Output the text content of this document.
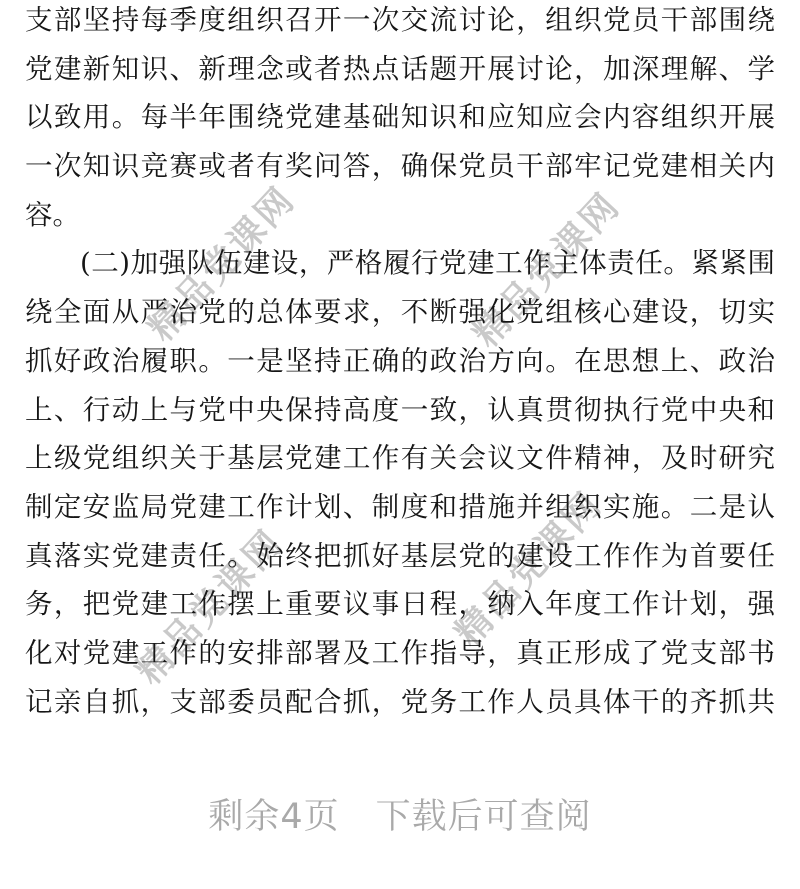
精品党课网	精品党课网
精品党课网	精品党课网
支部坚持每季度组织召开一次交流讨论，组织党员干部围绕
党建新知识、新理念或者热点话题开展讨论，加深理解、学
以致用。每半年围绕党建基础知识和应知应会内容组织开展
一次知识竞赛或者有奖问答，确保党员干部牢记党建相关内
容。
(二)加强队伍建设，严格履行党建工作主体责任。紧紧围
绕全面从严治党的总体要求，不断强化党组核心建设，切实
抓好政治履职。一是坚持正确的政治方向。在思想上、政治
上、行动上与党中央保持高度一致，认真贯彻执行党中央和
上级党组织关于基层党建工作有关会议文件精神，及时研究
制定安监局党建工作计划、制度和措施并组织实施。二是认
真落实党建责任。始终把抓好基层党的建设工作作为首要任
务，把党建工作摆上重要议事日程，纳入年度工作计划，强
化对党建工作的安排部署及工作指导，真正形成了党支部书
记亲自抓，支部委员配合抓，党务工作人员具体干的齐抓共
剩余4页 下载后可查阅
